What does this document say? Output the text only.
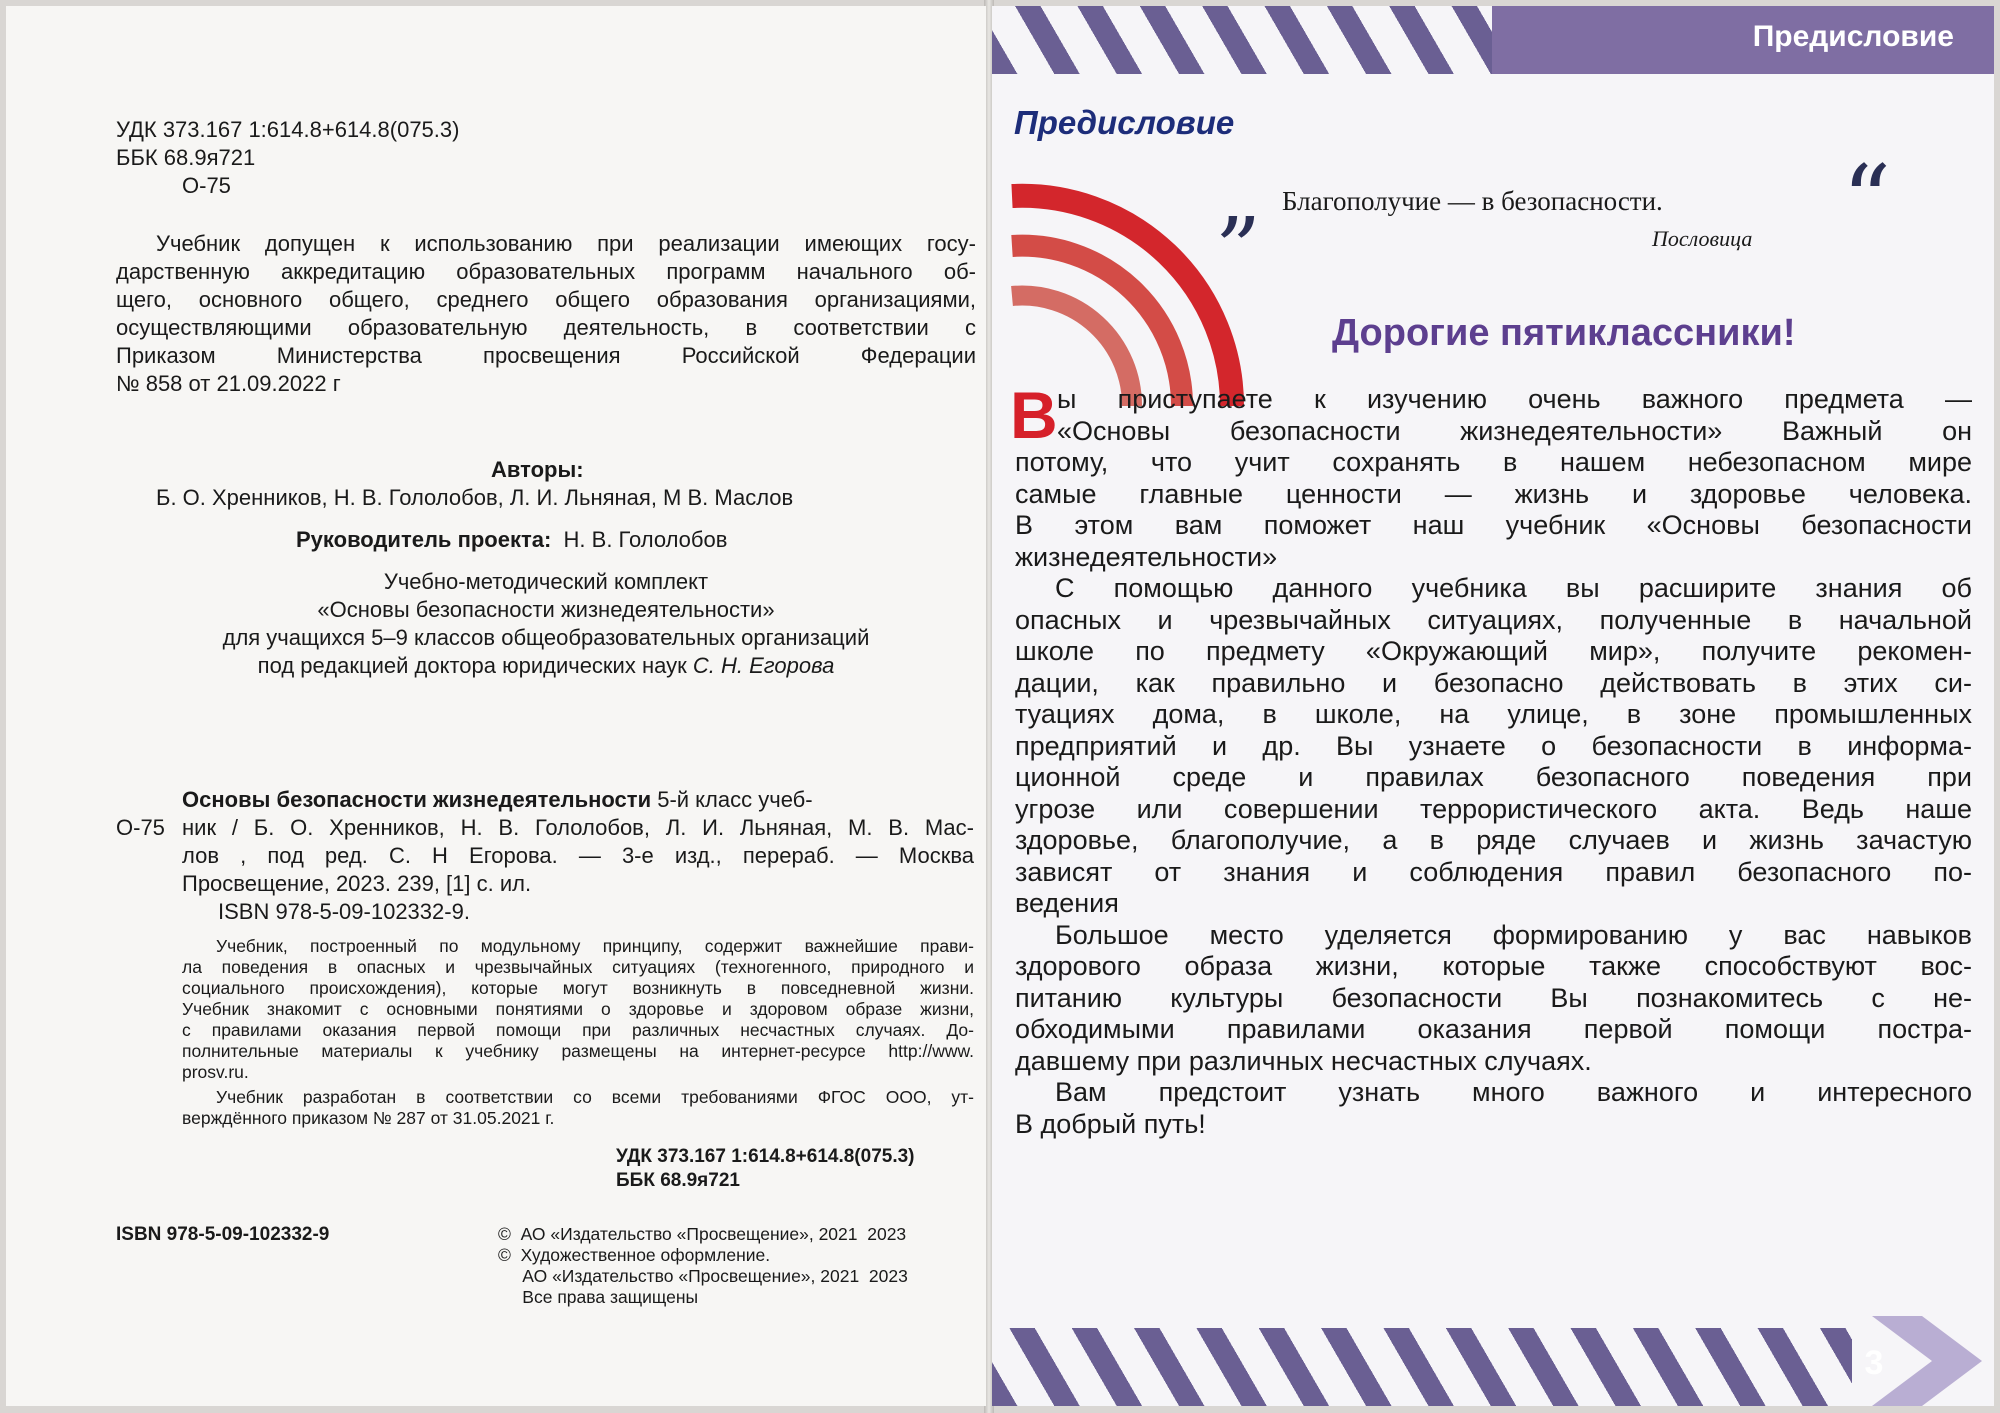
УДК 373.167 1:614.8+614.8(075.3)
ББК 68.9я721
О-75
Учебник допущен к использованию при реализации имеющих госу-
дарственную аккредитацию образовательных программ начального об-
щего, основного общего, среднего общего образования организациями,
осуществляющими образовательную деятельность, в соответствии с
Приказом Министерства просвещения Российской Федерации
№ 858 от 21.09.2022 г
Авторы:
Б. О. Хренников, Н. В. Гололобов, Л. И. Льняная, М В. Маслов
Руководитель проекта: Н. В. Гололобов
Учебно-методический комплект
«Основы безопасности жизнедеятельности»
для учащихся 5–9 классов общеобразовательных организаций
под редакцией доктора юридических наук С. Н. Егорова
Основы безопасности жизнедеятельности 5-й класс учеб-
О-75 ник / Б. О. Хренников, Н. В. Гололобов, Л. И. Льняная, М. В. Мас-
лов , под ред. С. Н Егорова. — 3-е изд., перераб. — Москва
Просвещение, 2023. 239, [1] с. ил.
ISBN 978-5-09-102332-9.
Учебник, построенный по модульному принципу, содержит важнейшие прави-
ла поведения в опасных и чрезвычайных ситуациях (техногенного, природного и
социального происхождения), которые могут возникнуть в повседневной жизни.
Учебник знакомит с основными понятиями о здоровье и здоровом образе жизни,
с правилами оказания первой помощи при различных несчастных случаях. До-
полнительные материалы к учебнику размещены на интернет-ресурсе http://www.
prosv.ru.
Учебник разработан в соответствии со всеми требованиями ФГОС ООО, ут-
верждённого приказом № 287 от 31.05.2021 г.
УДК 373.167 1:614.8+614.8(075.3)
ББК 68.9я721
ISBN 978-5-09-102332-9	©  АО «Издательство «Просвещение», 2021  2023
©  Художественное оформление.
АО «Издательство «Просвещение», 2021  2023
Все права защищены
Предисловие
Предисловие
„ Благополучие — в безопасности.
Пословица “
Дорогие пятиклассники!
В ы приступаете к изучению очень важного предмета —
«Основы безопасности жизнедеятельности» Важный он
потому, что учит сохранять в нашем небезопасном мире
самые главные ценности — жизнь и здоровье человека.
В этом вам поможет наш учебник «Основы безопасности
жизнедеятельности»
С помощью данного учебника вы расширите знания об
опасных и чрезвычайных ситуациях, полученные в начальной
школе по предмету «Окружающий мир», получите рекомен-
дации, как правильно и безопасно действовать в этих си-
туациях дома, в школе, на улице, в зоне промышленных
предприятий и др. Вы узнаете о безопасности в информа-
ционной среде и правилах безопасного поведения при
угрозе или совершении террористического акта. Ведь наше
здоровье, благополучие, а в ряде случаев и жизнь зачастую
зависят от знания и соблюдения правил безопасного по-
ведения
Большое место уделяется формированию у вас навыков
здорового образа жизни, которые также способствуют вос-
питанию культуры безопасности Вы познакомитесь с не-
обходимыми правилами оказания первой помощи постра-
давшему при различных несчастных случаях.
Вам предстоит узнать много важного и интересного
В добрый путь!
3
